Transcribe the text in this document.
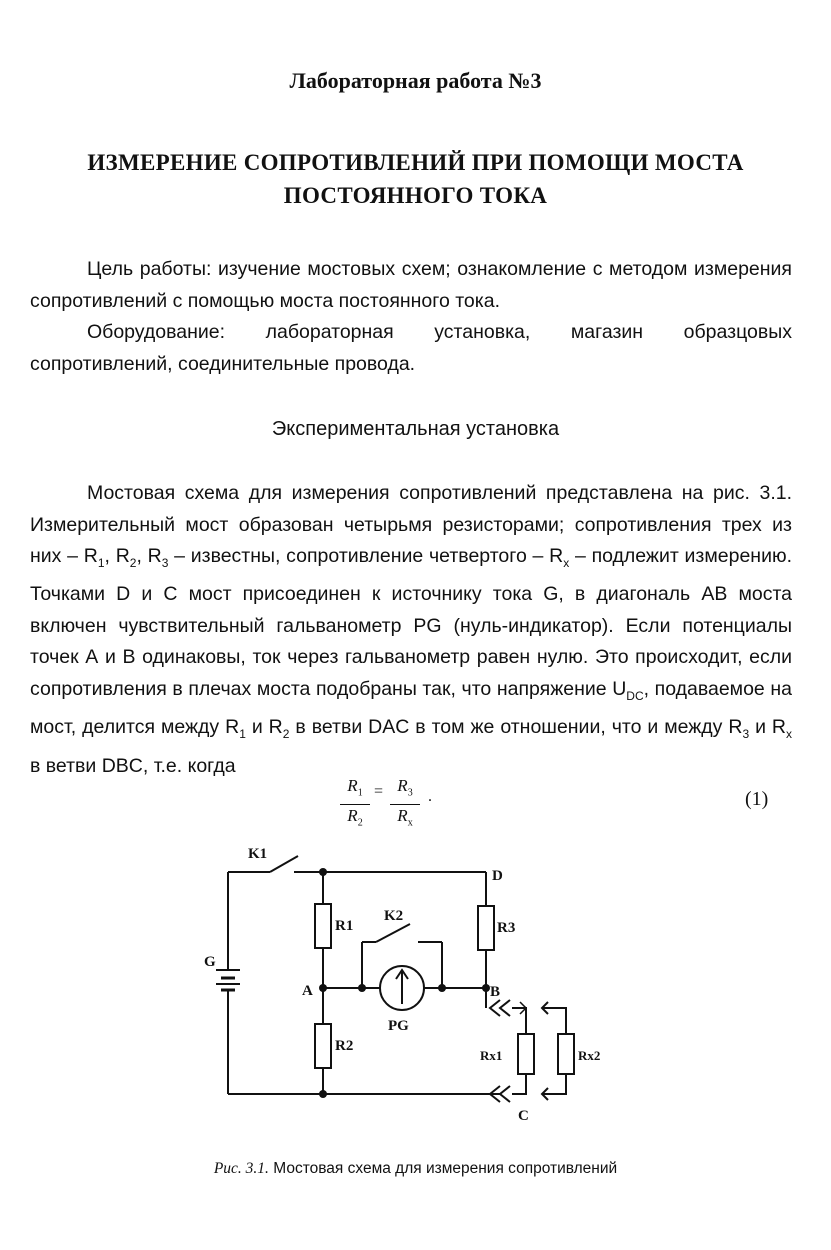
Лабораторная работа №3
ИЗМЕРЕНИЕ СОПРОТИВЛЕНИЙ ПРИ ПОМОЩИ МОСТА
ПОСТОЯННОГО ТОКА

Цель работы: изучение мостовых схем; ознакомление с методом измерения сопротивлений с помощью моста постоянного тока.

Оборудование: лабораторная установка, магазин образцовых сопротивлений, соединительные провода.

Экспериментальная установка

Мостовая схема для измерения сопротивлений представлена на рис. 3.1. Измерительный мост образован четырьмя резисторами; сопротивления трех из них – $R_1$, $R_2$, $R_3$ – известны, сопротивление четвертого – $R_x$ – подлежит измерению. Точками D и С мост присоединен к источнику тока G, в диагональ АВ моста включен чувствительный гальванометр PG (нуль-индикатор). Если потенциалы точек А и В одинаковы, ток через гальванометр равен нулю. Это происходит, если сопротивления в плечах моста подобраны так, что напряжение $U_{DC}$, подаваемое на мост, делится между $R_1$ и $R_2$ в ветви DAC в том же отношении, что и между $R_3$ и $R_x$ в ветви DBC, т.е. когда

$\frac{R_1}{R_2} = \frac{R_3}{R_x}$ .	(1)
K1
D
G
A	B
C
R1
R2
R3
K2
PG
Rx1	Rx2
Рис. 3.1. Мостовая схема для измерения сопротивлений
